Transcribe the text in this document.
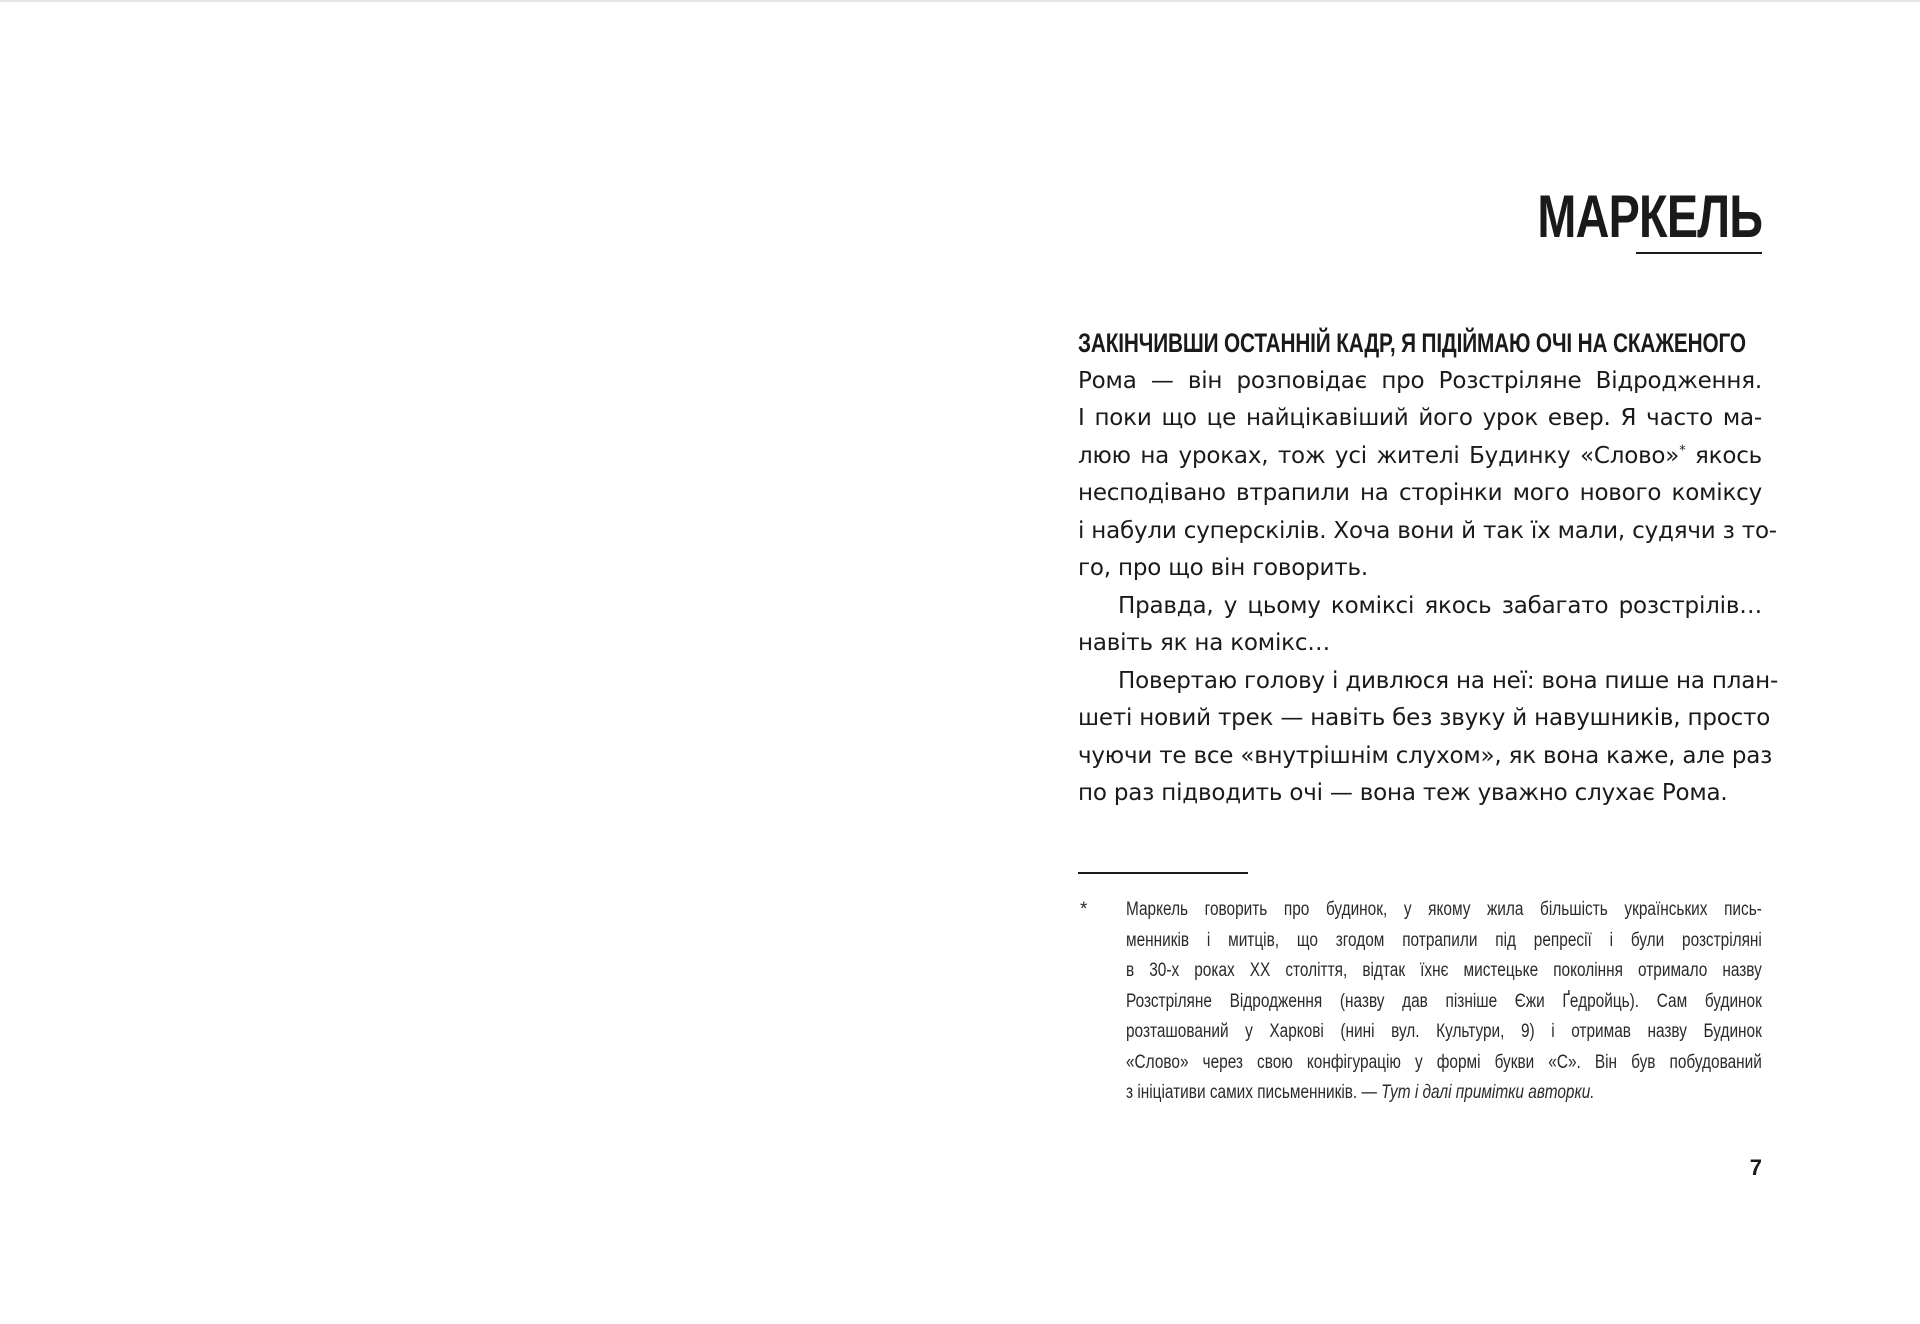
МАРКЕЛЬ
ЗАКІНЧИВШИ ОСТАННІЙ КАДР, Я ПІДІЙМАЮ ОЧІ НА СКАЖЕНОГО
Рома — він розповідає про Розстріляне Відродження.
І поки що це найцікавіший його урок евер. Я часто ма-
люю на уроках, тож усі жителі Будинку «Слово»* якось
несподівано втрапили на сторінки мого нового коміксу
і набули суперскілів. Хоча вони й так їх мали, судячи з то-
го, про що він говорить.
Правда, у цьому коміксі якось забагато розстрілів…
навіть як на комікс…
Повертаю голову і дивлюся на неї: вона пише на план-
шеті новий трек — навіть без звуку й навушників, просто
чуючи те все «внутрішнім слухом», як вона каже, але раз
по раз підводить очі — вона теж уважно слухає Рома.
* Маркель говорить про будинок, у якому жила більшість українських пись-
менників і митців, що згодом потрапили під репресії і були розстріляні
в 30-х роках ХХ століття, відтак їхнє мистецьке покоління отримало назву
Розстріляне Відродження (назву дав пізніше Єжи Ґедройць). Сам будинок
розташований у Харкові (нині вул. Культури, 9) і отримав назву Будинок
«Слово» через свою конфігурацію у формі букви «С». Він був побудований
з ініціативи самих письменників. — Тут і далі примітки авторки.
7
